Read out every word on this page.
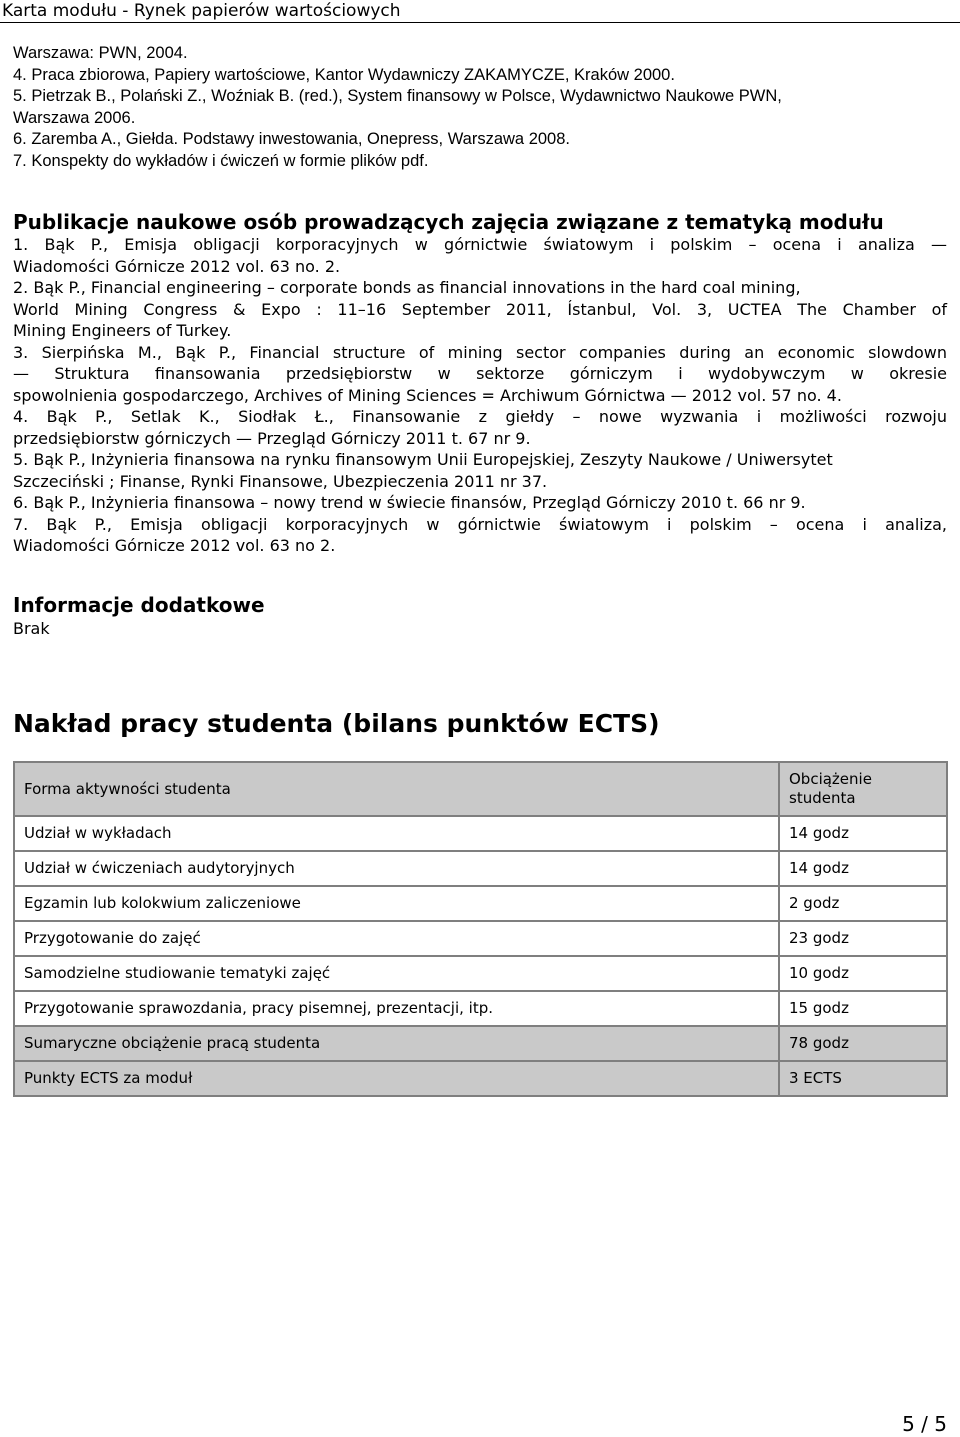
Karta modułu - Rynek papierów wartościowych
Warszawa: PWN, 2004.
4. Praca zbiorowa, Papiery wartościowe, Kantor Wydawniczy ZAKAMYCZE, Kraków 2000.
5. Pietrzak B., Polański Z., Woźniak B. (red.), System finansowy w Polsce, Wydawnictwo Naukowe PWN,
Warszawa 2006.
6. Zaremba A., Giełda. Podstawy inwestowania, Onepress, Warszawa 2008.
7. Konspekty do wykładów i ćwiczeń w formie plików pdf.
Publikacje naukowe osób prowadzących zajęcia związane z tematyką modułu
1. Bąk P., Emisja obligacji korporacyjnych w górnictwie światowym i polskim – ocena i analiza —
Wiadomości Górnicze 2012 vol. 63 no. 2.
2. Bąk P., Financial engineering – corporate bonds as financial innovations in the hard coal mining,
World Mining Congress & Expo : 11–16 September 2011, Ístanbul, Vol. 3, UCTEA The Chamber of
Mining Engineers of Turkey.
3. Sierpińska M., Bąk P., Financial structure of mining sector companies during an economic slowdown
— Struktura finansowania przedsiębiorstw w sektorze górniczym i wydobywczym w okresie
spowolnienia gospodarczego, Archives of Mining Sciences = Archiwum Górnictwa — 2012 vol. 57 no. 4.
4. Bąk P., Setlak K., Siodłak Ł., Finansowanie z giełdy – nowe wyzwania i możliwości rozwoju
przedsiębiorstw górniczych — Przegląd Górniczy 2011 t. 67 nr 9.
5. Bąk P., Inżynieria finansowa na rynku finansowym Unii Europejskiej, Zeszyty Naukowe / Uniwersytet
Szczeciński ; Finanse, Rynki Finansowe, Ubezpieczenia 2011 nr 37.
6. Bąk P., Inżynieria finansowa – nowy trend w świecie finansów, Przegląd Górniczy 2010 t. 66 nr 9.
7. Bąk P., Emisja obligacji korporacyjnych w górnictwie światowym i polskim – ocena i analiza,
Wiadomości Górnicze 2012 vol. 63 no 2.
Informacje dodatkowe
Brak
Nakład pracy studenta (bilans punktów ECTS)
Forma aktywności studenta	Obciążenie studenta
Udział w wykładach	14 godz
Udział w ćwiczeniach audytoryjnych	14 godz
Egzamin lub kolokwium zaliczeniowe	2 godz
Przygotowanie do zajęć	23 godz
Samodzielne studiowanie tematyki zajęć	10 godz
Przygotowanie sprawozdania, pracy pisemnej, prezentacji, itp.	15 godz
Sumaryczne obciążenie pracą studenta	78 godz
Punkty ECTS za moduł	3 ECTS
5 / 5
